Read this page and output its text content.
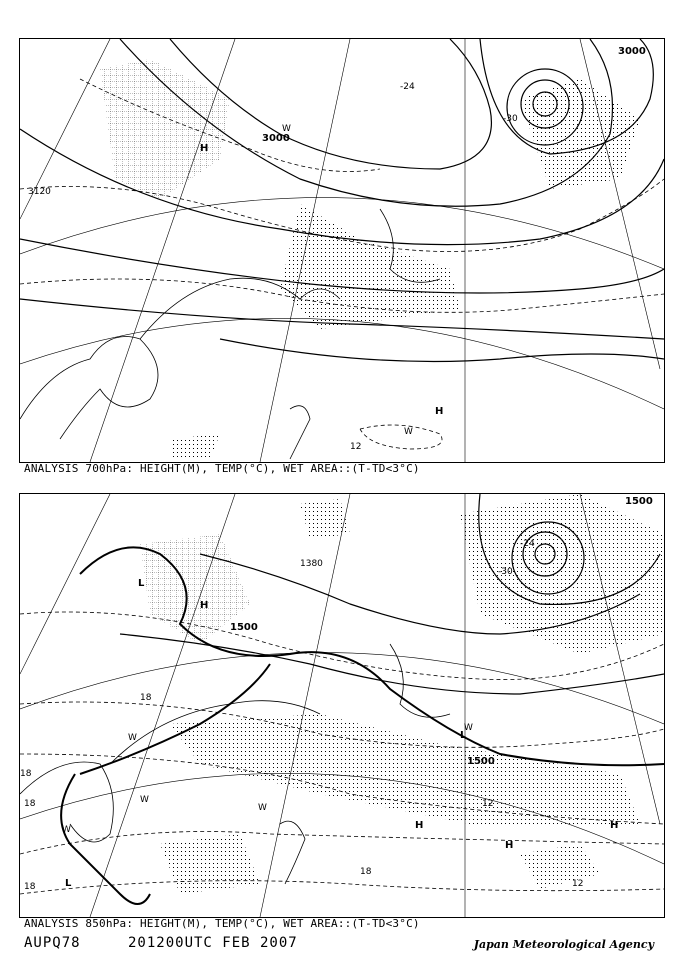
3000
3000
3120
-30
-24
12
H
H
W
W
ANALYSIS 700hPa: HEIGHT(M), TEMP(°C), WET AREA::(T-TD<3°C)
1500
1500
1500
1380
-30
-24
12
18
18
18
18
18	12
L
H
W
W
W
W
W
H
H
H
L
L
ANALYSIS 850hPa: HEIGHT(M), TEMP(°C), WET AREA::(T-TD<3°C)
AUPQ78	201200UTC FEB 2007	Japan Meteorological Agency
